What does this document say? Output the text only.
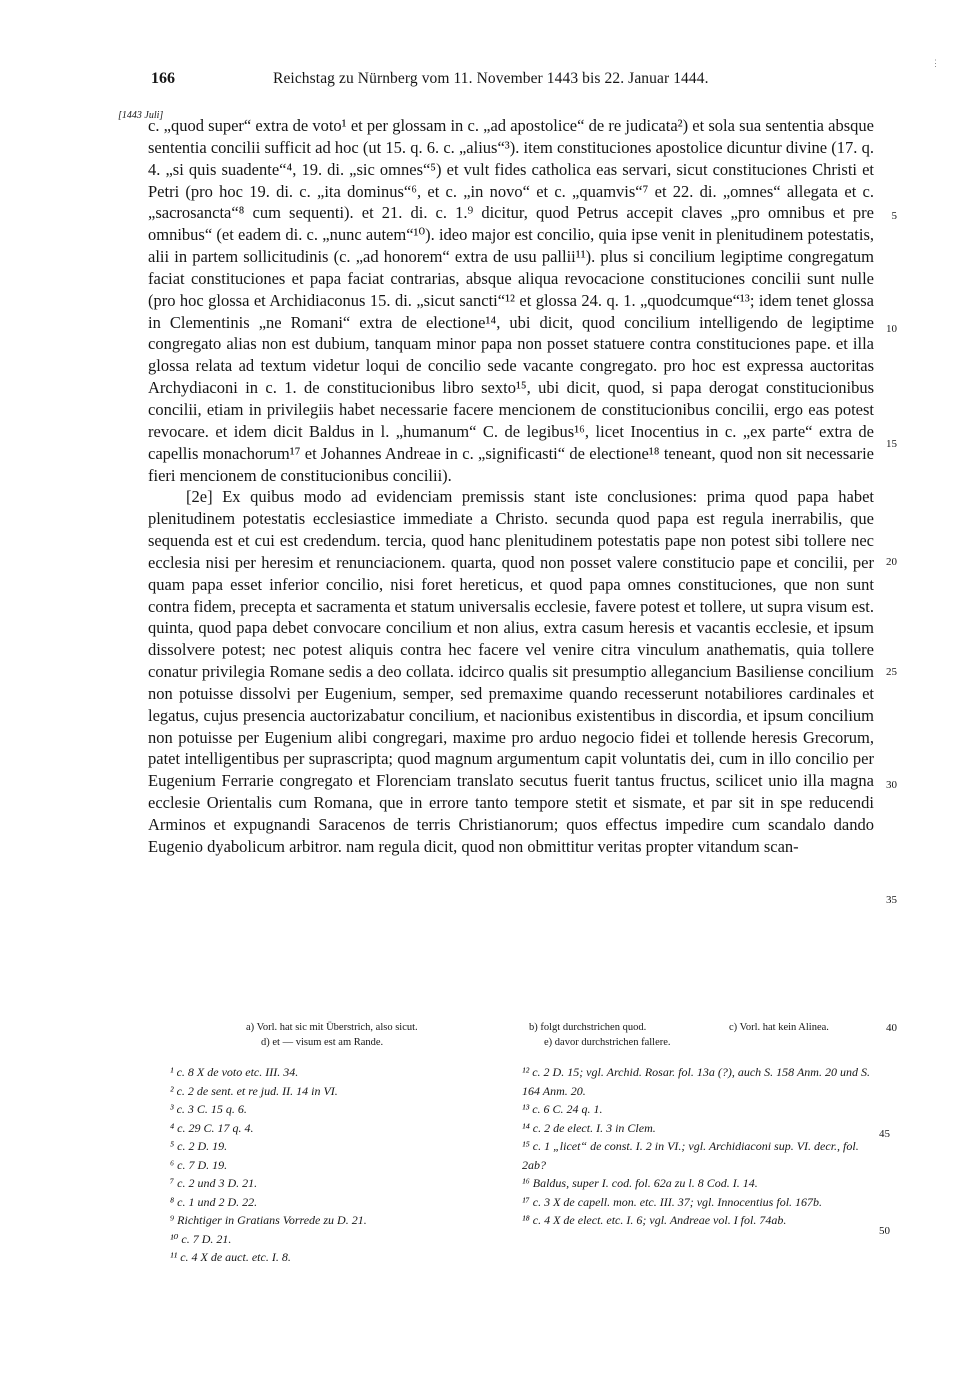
166	Reichstag zu Nürnberg vom 11. November 1443 bis 22. Januar 1444.
[1443 Juli]
⋮

c. „quod super“ extra de voto¹ et per glossam in c. „ad apostolice“ de re judicata²) et sola sua sententia absque sententia concilii sufficit ad hoc (ut 15. q. 6. c. „alius“³). item constituciones apostolice dicuntur divine (17. q. 4. „si quis suadente“⁴, 19. di. „sic omnes“⁵) et vult fides catholica eas servari, sicut constituciones Christi et Petri (pro hoc 19. di. c. „ita dominus“⁶, et c. „in novo“ et c. „quamvis“⁷ et 22. di. „omnes“ allegata et c. „sacrosancta“⁸ cum sequenti). et 21. di. c. 1.⁹ dicitur, quod Petrus accepit claves „pro omnibus et pre omnibus“ (et eadem di. c. „nunc autem“¹⁰). ideo major est concilio, quia ipse venit in plenitudinem potestatis, alii in partem sollicitudinis (c. „ad honorem“ extra de usu pallii¹¹). plus si concilium legiptime congregatum faciat constituciones et papa faciat contrarias, absque aliqua revocacione constituciones concilii sunt nulle (pro hoc glossa et Archidiaconus 15. di. „sicut sancti“¹² et glossa 24. q. 1. „quodcumque“¹³; idem tenet glossa in Clementinis „ne Romani“ extra de electione¹⁴, ubi dicit, quod concilium intelligendo de legiptime congregato alias non est dubium, tanquam minor papa non posset statuere contra constituciones pape. et illa glossa relata ad textum videtur loqui de concilio sede vacante congregato. pro hoc est expressa auctoritas Archydiaconi in c. 1. de constitucionibus libro sexto¹⁵, ubi dicit, quod, si papa derogat constitucionibus concilii, etiam in privilegiis habet necessarie facere mencionem de constitucionibus concilii, ergo eas potest revocare. et idem dicit Baldus in l. „humanum“ C. de legibus¹⁶, licet Inocentius in c. „ex parte“ extra de capellis monachorum¹⁷ et Johannes Andreae in c. „significasti“ de electione¹⁸ teneant, quod non sit necessarie fieri mencionem de constitucionibus concilii).

[2e] Ex quibus modo ad evidenciam premissis stant iste conclusiones: prima quod papa habet plenitudinem potestatis ecclesiastice immediate a Christo. secunda quod papa est regula inerrabilis, que sequenda est et cui est credendum. tercia, quod hanc plenitudinem potestatis pape non potest sibi tollere nec ecclesia nisi per heresim et renunciacionem. quarta, quod non posset valere constitucio pape et concilii, per quam papa esset inferior concilio, nisi foret hereticus, et quod papa omnes constituciones, que non sunt contra fidem, precepta et sacramenta et statum universalis ecclesie, favere potest et tollere, ut supra visum est. quinta, quod papa debet convocare concilium et non alius, extra casum heresis et vacantis ecclesie, et ipsum dissolvere potest; nec potest aliquis contra hec facere vel venire citra vinculum anathematis, quia tollere conatur privilegia Romane sedis a deo collata. idcirco qualis sit presumptio allegancium Basiliense concilium non potuisse dissolvi per Eugenium, semper, sed premaxime quando recesserunt notabiliores cardinales et legatus, cujus presencia auctorizabatur concilium, et nacionibus existentibus in discordia, et ipsum concilium non potuisse per Eugenium alibi congregari, maxime pro arduo negocio fidei et tollende heresis Grecorum, patet intelligentibus per suprascripta; quod magnum argumentum capit voluntatis dei, cum in illo concilio per Eugenium Ferrarie congregato et Florenciam translato secutus fuerit tantus fructus, scilicet unio illa magna ecclesie Orientalis cum Romana, que in errore tanto tempore stetit et sismate, et par sit in spe reducendi Arminos et expugnandi Saracenos de terris Christianorum; quos effectus impedire cum scandalo dando Eugenio dyabolicum arbitror. nam regula dicit, quod non obmittitur veritas propter vitandum scan-

5
10
15
20
25
30
35
40
a) Vorl. hat sic mit Überstrich, also sicut.	b) folgt durchstrichen quod.	c) Vorl. hat kein Alinea.
d) et — visum est am Rande.	e) davor durchstrichen fallere.
¹ c. 8 X de voto etc. III. 34.
² c. 2 de sent. et re jud. II. 14 in VI.
³ c. 3 C. 15 q. 6.
⁴ c. 29 C. 17 q. 4.
⁵ c. 2 D. 19.
⁶ c. 7 D. 19.
⁷ c. 2 und 3 D. 21.
⁸ c. 1 und 2 D. 22.
⁹ Richtiger in Gratians Vorrede zu D. 21.
¹⁰ c. 7 D. 21.
¹¹ c. 4 X de auct. etc. I. 8.
¹² c. 2 D. 15; vgl. Archid. Rosar. fol. 13a (?), auch S. 158 Anm. 20 und S. 164 Anm. 20.
¹³ c. 6 C. 24 q. 1.
¹⁴ c. 2 de elect. I. 3 in Clem.
¹⁵ c. 1 „licet“ de const. I. 2 in VI.; vgl. Archidiaconi sup. VI. decr., fol. 2ab?
¹⁶ Baldus, super I. cod. fol. 62a zu l. 8 Cod. I. 14.
¹⁷ c. 3 X de capell. mon. etc. III. 37; vgl. Innocentius fol. 167b.
¹⁸ c. 4 X de elect. etc. I. 6; vgl. Andreae vol. I fol. 74ab.
45
50
